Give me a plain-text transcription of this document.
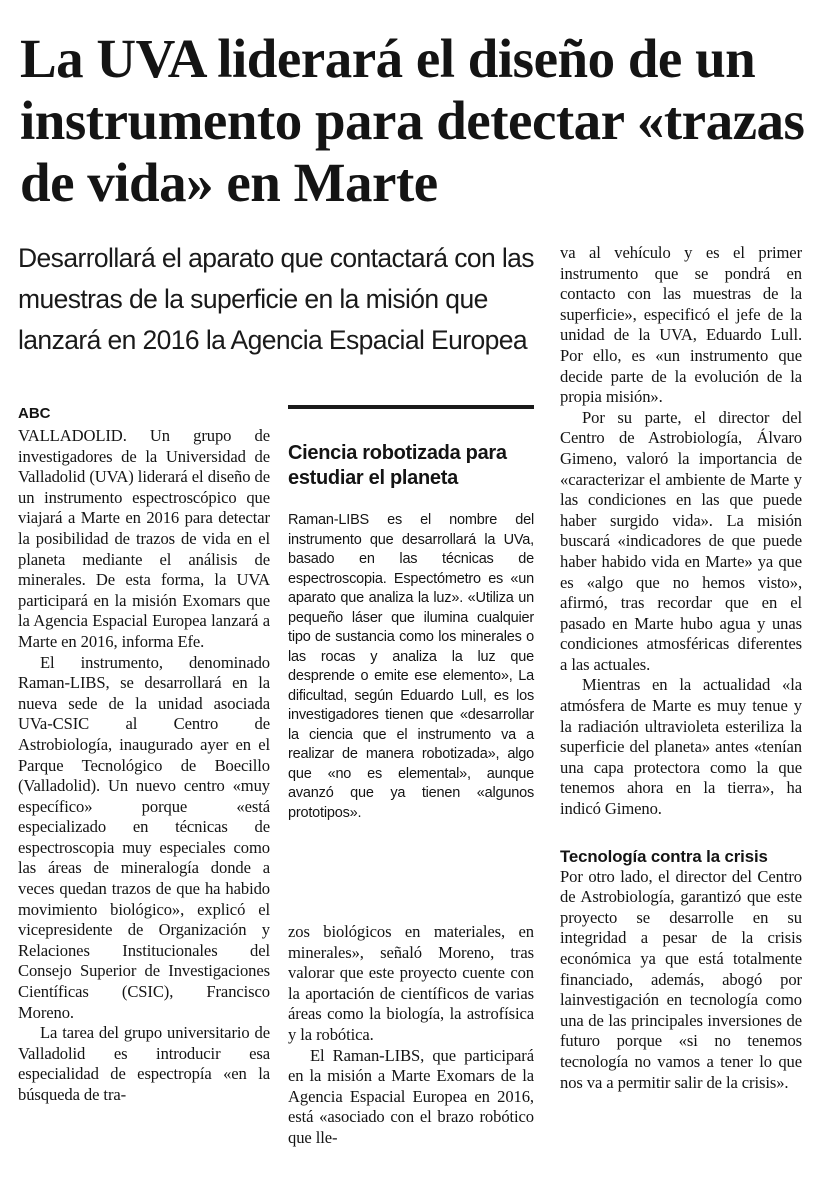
La UVA liderará el diseño de un instrumento para detectar «trazas de vida» en Marte

Desarrollará el aparato que contactará con las muestras de la superficie en la misión que lanzará en 2016 la Agencia Espacial Europea

ABC

VALLADOLID. Un grupo de investigadores de la Universidad de Valladolid (UVA) liderará el diseño de un instrumento espectroscópico que viajará a Marte en 2016 para detectar la posibilidad de trazos de vida en el planeta mediante el análisis de minerales. De esta forma, la UVA participará en la misión Exomars que la Agencia Espacial Europea lanzará a Marte en 2016, informa Efe.

El instrumento, denominado Raman-LIBS, se desarrollará en la nueva sede de la unidad asociada UVa-CSIC al Centro de Astrobiología, inaugurado ayer en el Parque Tecnológico de Boecillo (Valladolid). Un nuevo centro «muy específico» porque «está especializado en técnicas de espectroscopia muy especiales como las áreas de mineralogía donde a veces quedan trazos de que ha habido movimiento biológico», explicó el vicepresidente de Organización y Relaciones Institucionales del Consejo Superior de Investigaciones Científicas (CSIC), Francisco Moreno.

La tarea del grupo universitario de Valladolid es introducir esa especialidad de espectropía «en la búsqueda de tra-

Ciencia robotizada para estudiar el planeta

Raman-LIBS es el nombre del instrumento que desarrollará la UVa, basado en las técnicas de espectroscopia. Espectómetro es «un aparato que analiza la luz». «Utiliza un pequeño láser que ilumina cualquier tipo de sustancia como los minerales o las rocas y analiza la luz que desprende o emite ese elemento», La dificultad, según Eduardo Lull, es los investigadores tienen que «desarrollar la ciencia que el instrumento va a realizar de manera robotizada», algo que «no es elemental», aunque avanzó que ya tienen «algunos prototipos».

zos biológicos en materiales, en minerales», señaló Moreno, tras valorar que este proyecto cuente con la aportación de científicos de varias áreas como la biología, la astrofísica y la robótica.

El Raman-LIBS, que participará en la misión a Marte Exomars de la Agencia Espacial Europea en 2016, está «asociado con el brazo robótico que lle-

va al vehículo y es el primer instrumento que se pondrá en contacto con las muestras de la superficie», especificó el jefe de la unidad de la UVA, Eduardo Lull. Por ello, es «un instrumento que decide parte de la evolución de la propia misión».

Por su parte, el director del Centro de Astrobiología, Álvaro Gimeno, valoró la importancia de «caracterizar el ambiente de Marte y las condiciones en las que puede haber surgido vida». La misión buscará «indicadores de que puede haber habido vida en Marte» ya que es «algo que no hemos visto», afirmó, tras recordar que en el pasado en Marte hubo agua y unas condiciones atmosféricas diferentes a las actuales.

Mientras en la actualidad «la atmósfera de Marte es muy tenue y la radiación ultravioleta esteriliza la superficie del planeta» antes «tenían una capa protectora como la que tenemos ahora en la tierra», ha indicó Gimeno.

Tecnología contra la crisis

Por otro lado, el director del Centro de Astrobiología, garantizó que este proyecto se desarrolle en su integridad a pesar de la crisis económica ya que está totalmente financiado, además, abogó por lainvestigación en tecnología como una de las principales inversiones de futuro porque «si no tenemos tecnología no vamos a tener lo que nos va a permitir salir de la crisis».
